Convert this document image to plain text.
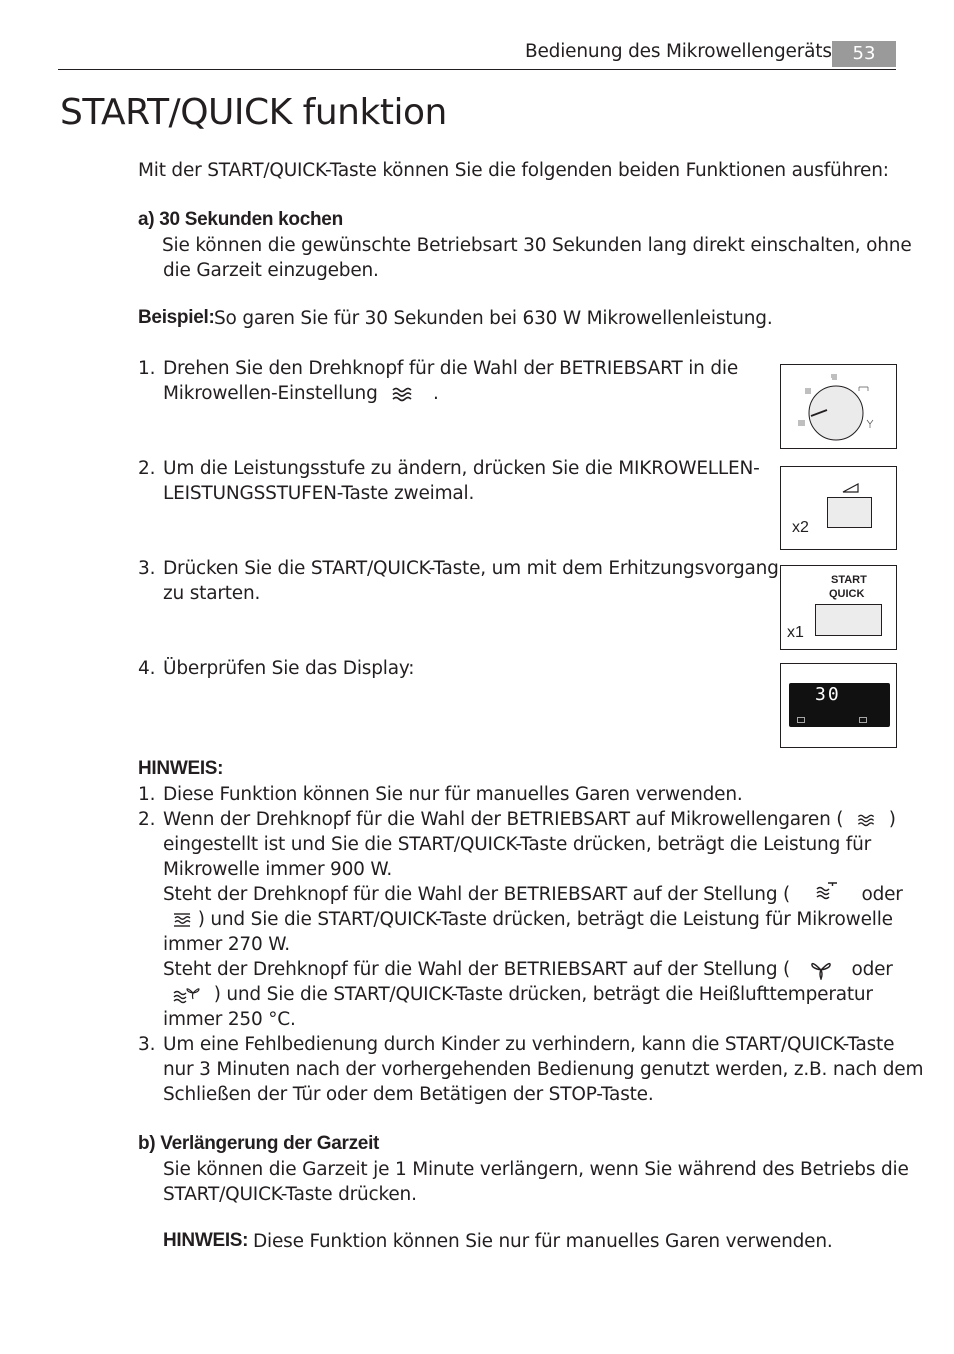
Bedienung des Mikrowellengeräts	53
START/QUICK funktion
Mit der START/QUICK-Taste können Sie die folgenden beiden Funktionen ausführen:
a) 30 Sekunden kochen
Sie können die gewünschte Betriebsart 30 Sekunden lang direkt einschalten, ohne
die Garzeit einzugeben.
Beispiel: So garen Sie für 30 Sekunden bei 630 W Mikrowellenleistung.
1. Drehen Sie den Drehknopf für die Wahl der BETRIEBSART in die
Mikrowellen-Einstellung	.
2. Um die Leistungsstufe zu ändern, drücken Sie die MIKROWELLEN-
LEISTUNGSSTUFEN-Taste zweimal.
3. Drücken Sie die START/QUICK-Taste, um mit dem Erhitzungsvorgang
zu starten.
4. Überprüfen Sie das Display:
x2
START
QUICK
x1
30
HINWEIS:
1. Diese Funktion können Sie nur für manuelles Garen verwenden.
2. Wenn der Drehknopf für die Wahl der BETRIEBSART auf Mikrowellengaren ( )
eingestellt ist und Sie die START/QUICK-Taste drücken, beträgt die Leistung für
Mikrowelle immer 900 W.
Steht der Drehknopf für die Wahl der BETRIEBSART auf der Stellung (	oder
) und Sie die START/QUICK-Taste drücken, beträgt die Leistung für Mikrowelle
immer 270 W.
Steht der Drehknopf für die Wahl der BETRIEBSART auf der Stellung (	oder
) und Sie die START/QUICK-Taste drücken, beträgt die Heißlufttemperatur
immer 250 °C.
3. Um eine Fehlbedienung durch Kinder zu verhindern, kann die START/QUICK-Taste
nur 3 Minuten nach der vorhergehenden Bedienung genutzt werden, z.B. nach dem
Schließen der Tür oder dem Betätigen der STOP-Taste.
b) Verlängerung der Garzeit
Sie können die Garzeit je 1 Minute verlängern, wenn Sie während des Betriebs die
START/QUICK-Taste drücken.
HINWEIS: Diese Funktion können Sie nur für manuelles Garen verwenden.
